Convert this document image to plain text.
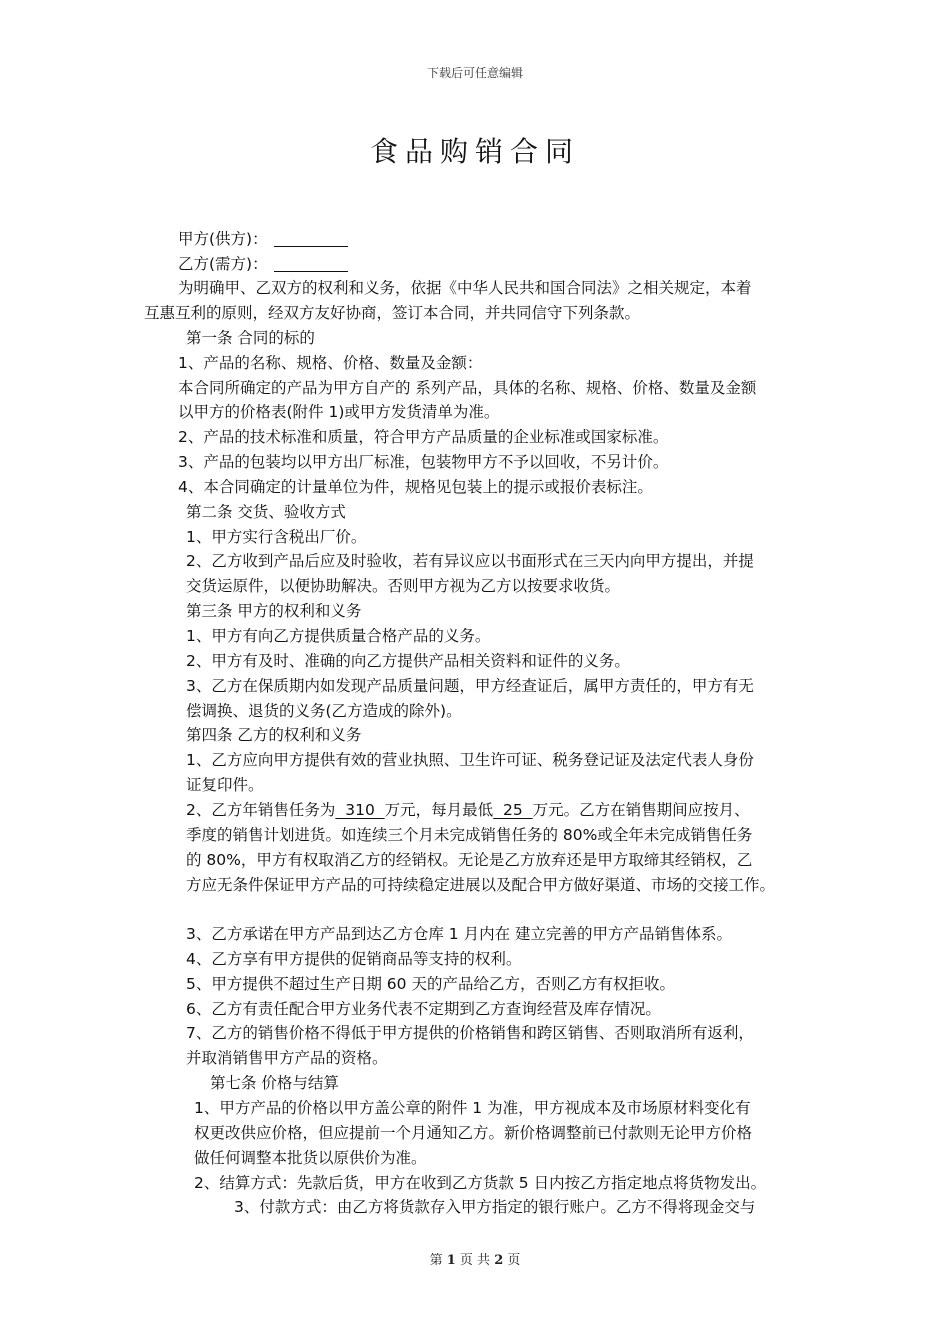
下载后可任意编辑
食品购销合同
甲方(供方)：
乙方(需方)：
为明确甲、乙双方的权利和义务，依据《中华人民共和国合同法》之相关规定，本着
互惠互利的原则，经双方友好协商，签订本合同，并共同信守下列条款。
第一条 合同的标的
1、产品的名称、规格、价格、数量及金额：
本合同所确定的产品为甲方自产的 系列产品，具体的名称、规格、价格、数量及金额
以甲方的价格表(附件 1)或甲方发货清单为准。
2、产品的技术标准和质量，符合甲方产品质量的企业标准或国家标准。
3、产品的包装均以甲方出厂标准，包装物甲方不予以回收，不另计价。
4、本合同确定的计量单位为件，规格见包装上的提示或报价表标注。
第二条 交货、验收方式
1、甲方实行含税出厂价。
2、乙方收到产品后应及时验收，若有异议应以书面形式在三天内向甲方提出，并提
交货运原件，以便协助解决。否则甲方视为乙方以按要求收货。
第三条 甲方的权利和义务
1、甲方有向乙方提供质量合格产品的义务。
2、甲方有及时、准确的向乙方提供产品相关资料和证件的义务。
3、乙方在保质期内如发现产品质量问题，甲方经查证后，属甲方责任的，甲方有无
偿调换、退货的义务(乙方造成的除外)。
第四条 乙方的权利和义务
1、乙方应向甲方提供有效的营业执照、卫生许可证、税务登记证及法定代表人身份
证复印件。
2、乙方年销售任务为  310  万元，每月最低  25  万元。乙方在销售期间应按月、
季度的销售计划进货。如连续三个月未完成销售任务的 80%或全年未完成销售任务
的 80%，甲方有权取消乙方的经销权。无论是乙方放弃还是甲方取缔其经销权，乙
方应无条件保证甲方产品的可持续稳定进展以及配合甲方做好渠道、市场的交接工作。
3、乙方承诺在甲方产品到达乙方仓库 1 月内在 建立完善的甲方产品销售体系。
4、乙方享有甲方提供的促销商品等支持的权利。
5、甲方提供不超过生产日期 60 天的产品给乙方，否则乙方有权拒收。
6、乙方有责任配合甲方业务代表不定期到乙方查询经营及库存情况。
7、乙方的销售价格不得低于甲方提供的价格销售和跨区销售、否则取消所有返利，
并取消销售甲方产品的资格。
第七条 价格与结算
1、甲方产品的价格以甲方盖公章的附件 1 为准，甲方视成本及市场原材料变化有
权更改供应价格，但应提前一个月通知乙方。新价格调整前已付款则无论甲方价格
做任何调整本批货以原供价为准。
2、结算方式：先款后货，甲方在收到乙方货款 5 日内按乙方指定地点将货物发出。
3、付款方式：由乙方将货款存入甲方指定的银行账户。乙方不得将现金交与
第 1 页 共 2 页
